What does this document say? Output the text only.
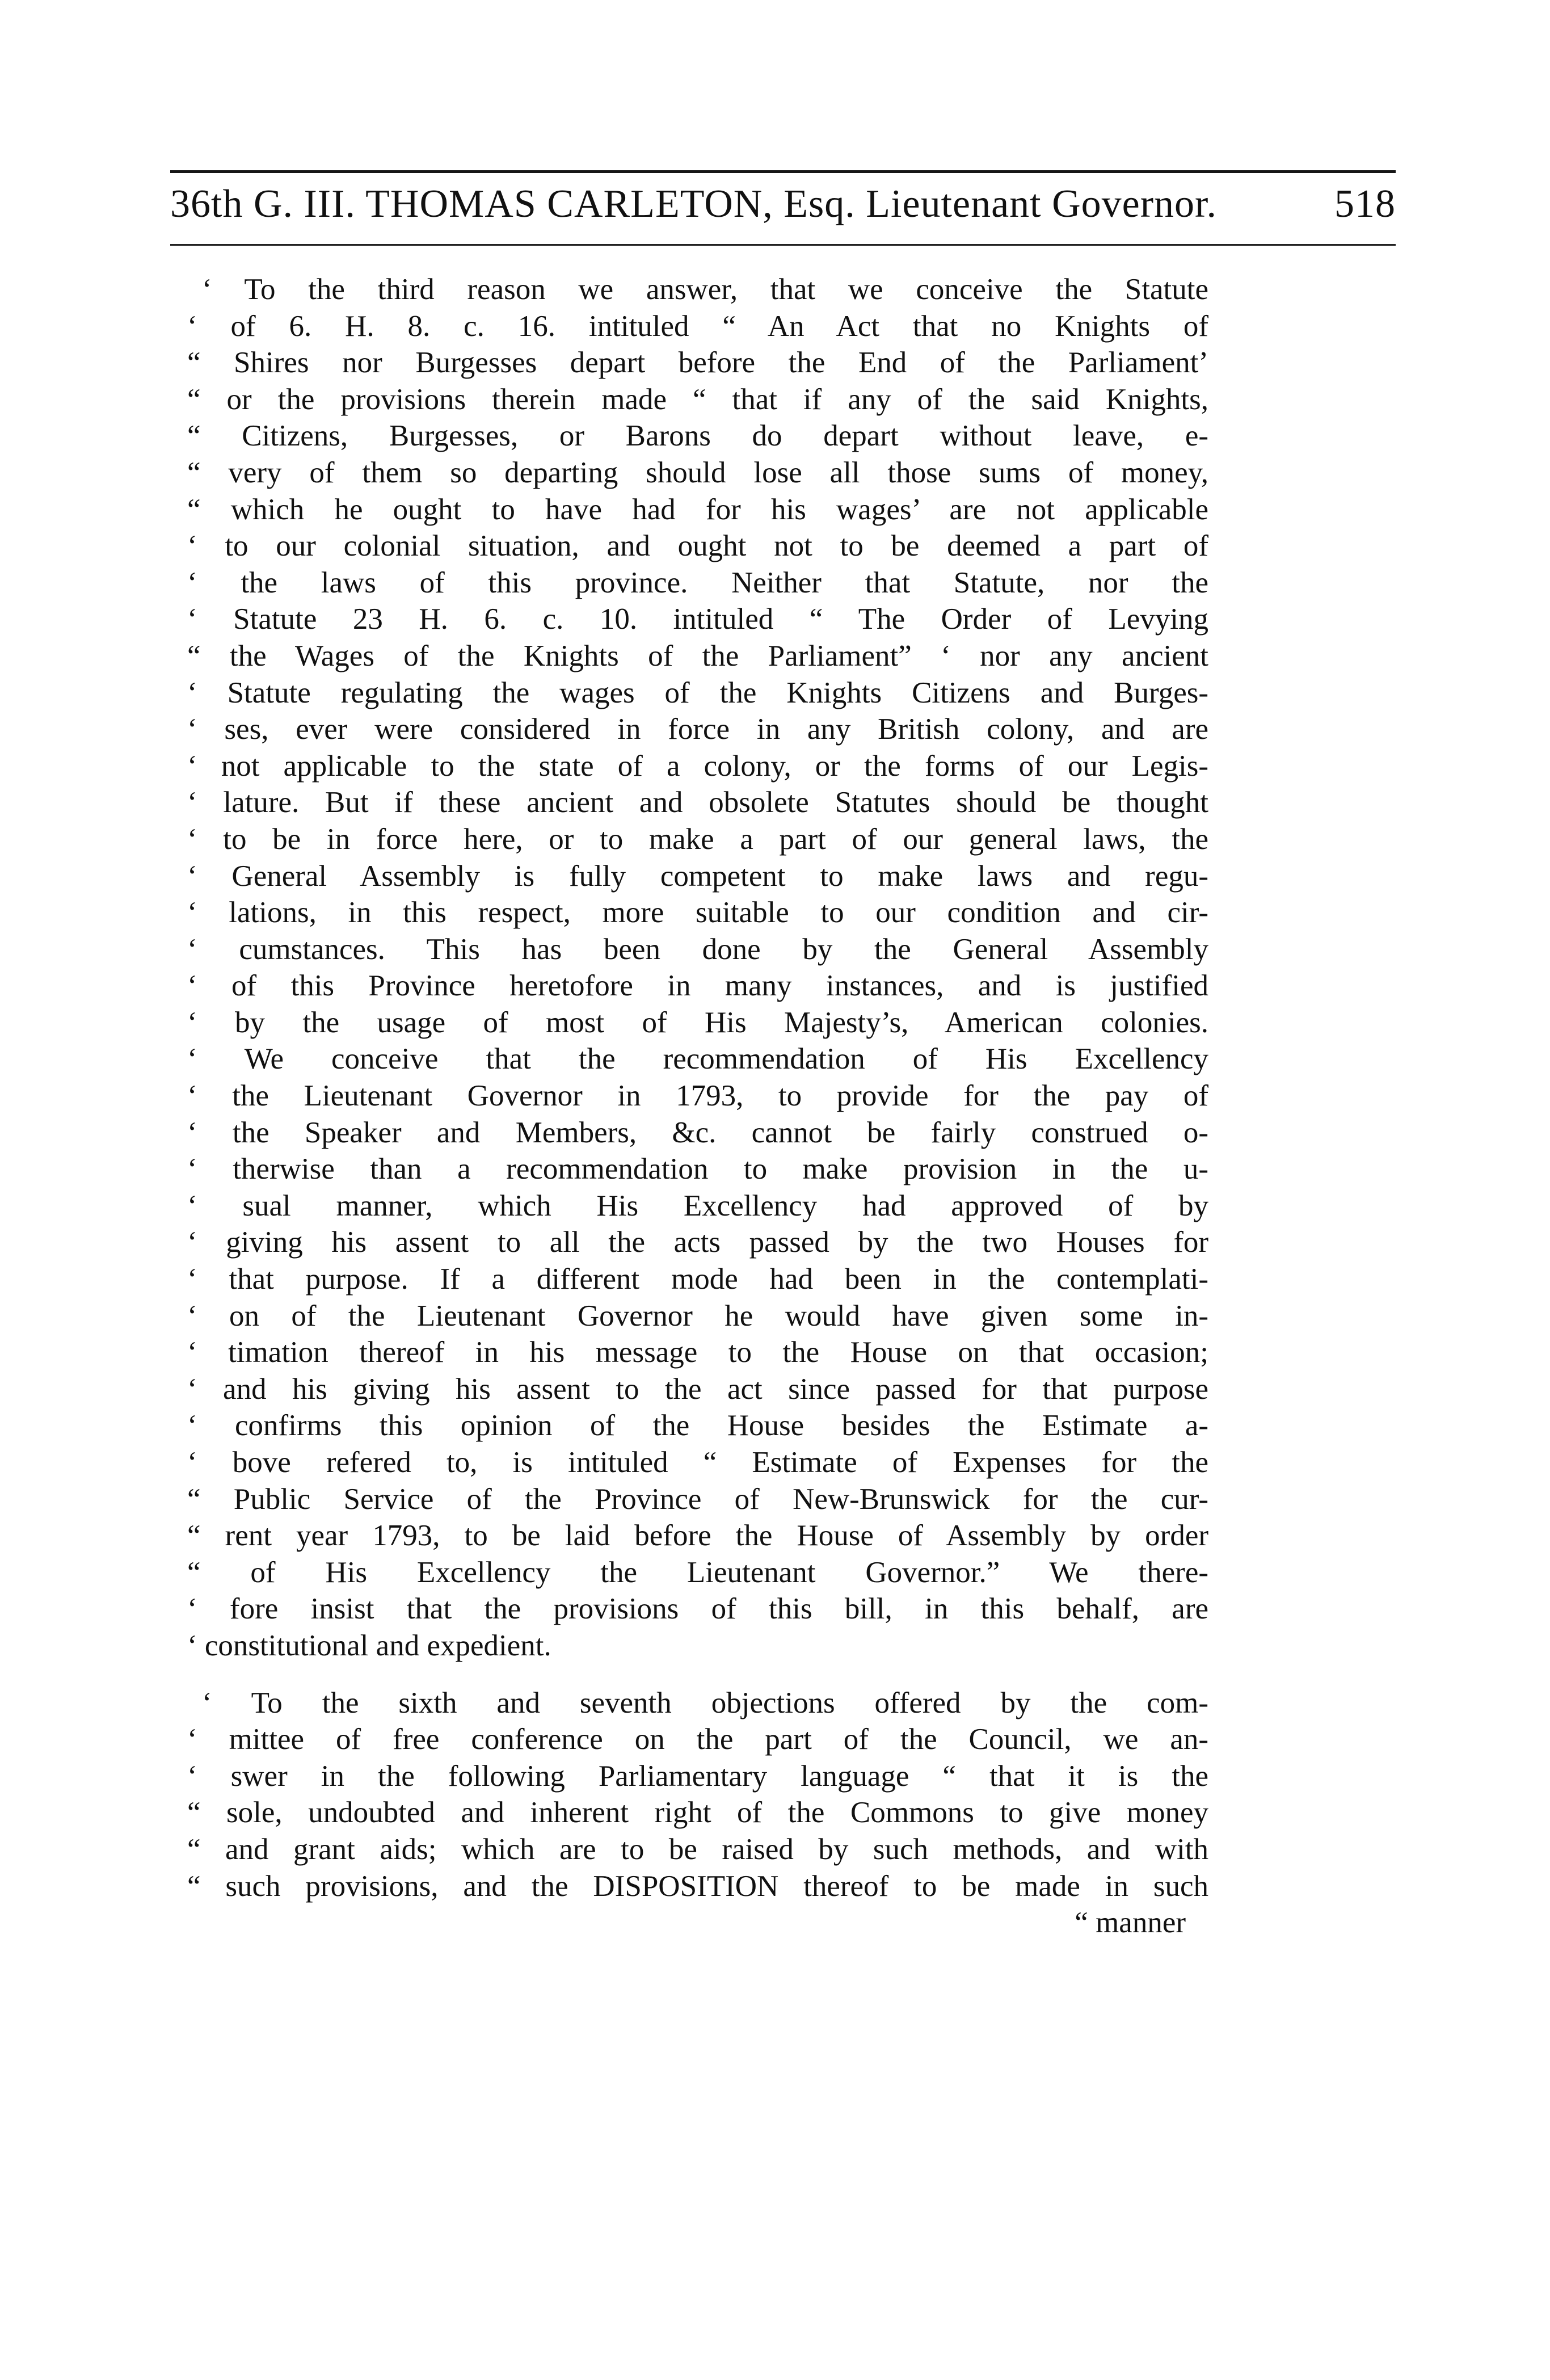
36th G. III. THOMAS CARLETON, Esq. Lieutenant Governor.	518
‘ To the third reason we answer, that we conceive the Statute
‘ of 6. H. 8. c. 16. intituled “ An Act that no Knights of
“ Shires nor Burgesses depart before the End of the Parliament’
“ or the provisions therein made “ that if any of the said Knights,
“ Citizens, Burgesses, or Barons do depart without leave, e-
“ very of them so departing should lose all those sums of money,
“ which he ought to have had for his wages’ are not applicable
‘ to our colonial situation, and ought not to be deemed a part of
‘ the laws of this province. Neither that Statute, nor the
‘ Statute 23 H. 6. c. 10. intituled “ The Order of Levying
“ the Wages of the Knights of the Parliament” ‘ nor any ancient
‘ Statute regulating the wages of the Knights Citizens and Burges-
‘ ses, ever were considered in force in any British colony, and are
‘ not applicable to the state of a colony, or the forms of our Legis-
‘ lature. But if these ancient and obsolete Statutes should be thought
‘ to be in force here, or to make a part of our general laws, the
‘ General Assembly is fully competent to make laws and regu-
‘ lations, in this respect, more suitable to our condition and cir-
‘ cumstances. This has been done by the General Assembly
‘ of this Province heretofore in many instances, and is justified
‘ by the usage of most of His Majesty’s, American colonies.
‘ We conceive that the recommendation of His Excellency
‘ the Lieutenant Governor in 1793, to provide for the pay of
‘ the Speaker and Members, &c. cannot be fairly construed o-
‘ therwise than a recommendation to make provision in the u-
‘ sual manner, which His Excellency had approved of by
‘ giving his assent to all the acts passed by the two Houses for
‘ that purpose. If a different mode had been in the contemplati-
‘ on of the Lieutenant Governor he would have given some in-
‘ timation thereof in his message to the House on that occasion;
‘ and his giving his assent to the act since passed for that purpose
‘ confirms this opinion of the House besides the Estimate a-
‘ bove refered to, is intituled “ Estimate of Expenses for the
“ Public Service of the Province of New-Brunswick for the cur-
“ rent year 1793, to be laid before the House of Assembly by order
“ of His Excellency the Lieutenant Governor.” We there-
‘ fore insist that the provisions of this bill, in this behalf, are
‘ constitutional and expedient.
‘ To the sixth and seventh objections offered by the com-
‘ mittee of free conference on the part of the Council, we an-
‘ swer in the following Parliamentary language “ that it is the
“ sole, undoubted and inherent right of the Commons to give money
“ and grant aids; which are to be raised by such methods, and with
“ such provisions, and the DISPOSITION thereof to be made in such
“ manner
